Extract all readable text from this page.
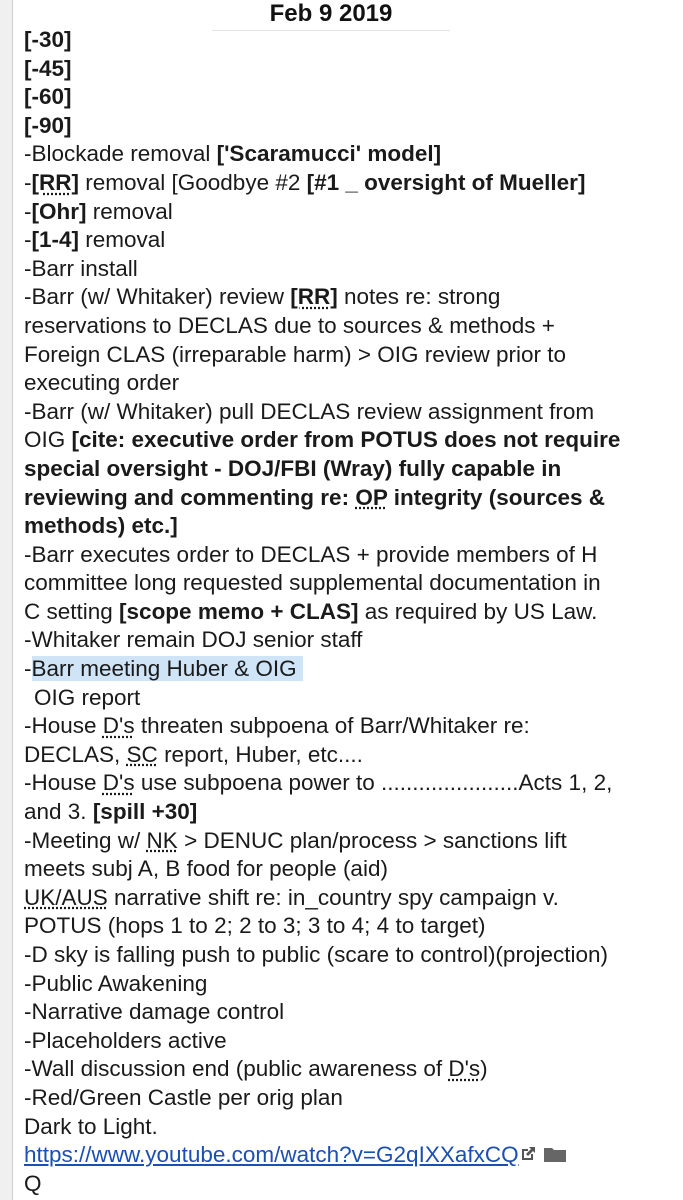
Feb 9 2019
[-30]
[-45]
[-60]
[-90]
-Blockade removal ['Scaramucci' model]
-[RR] removal [Goodbye #2 [#1 _ oversight of Mueller]
-[Ohr] removal
-[1-4] removal
-Barr install
-Barr (w/ Whitaker) review [RR] notes re: strong
reservations to DECLAS due to sources & methods +
Foreign CLAS (irreparable harm) > OIG review prior to
executing order
-Barr (w/ Whitaker) pull DECLAS review assignment from
OIG [cite: executive order from POTUS does not require
special oversight - DOJ/FBI (Wray) fully capable in
reviewing and commenting re: OP integrity (sources &
methods) etc.]
-Barr executes order to DECLAS + provide members of H
committee long requested supplemental documentation in
C setting [scope memo + CLAS] as required by US Law.
-Whitaker remain DOJ senior staff
-Barr meeting Huber & OIG
OIG report
-House D's threaten subpoena of Barr/Whitaker re:
DECLAS, SC report, Huber, etc....
-House D's use subpoena power to ......................Acts 1, 2,
and 3. [spill +30]
-Meeting w/ NK > DENUC plan/process > sanctions lift
meets subj A, B food for people (aid)
UK/AUS narrative shift re: in_country spy campaign v.
POTUS (hops 1 to 2; 2 to 3; 3 to 4; 4 to target)
-D sky is falling push to public (scare to control)(projection)
-Public Awakening
-Narrative damage control
-Placeholders active
-Wall discussion end (public awareness of D's)
-Red/Green Castle per orig plan
Dark to Light.
https://www.youtube.com/watch?v=G2qIXXafxCQ
Q
